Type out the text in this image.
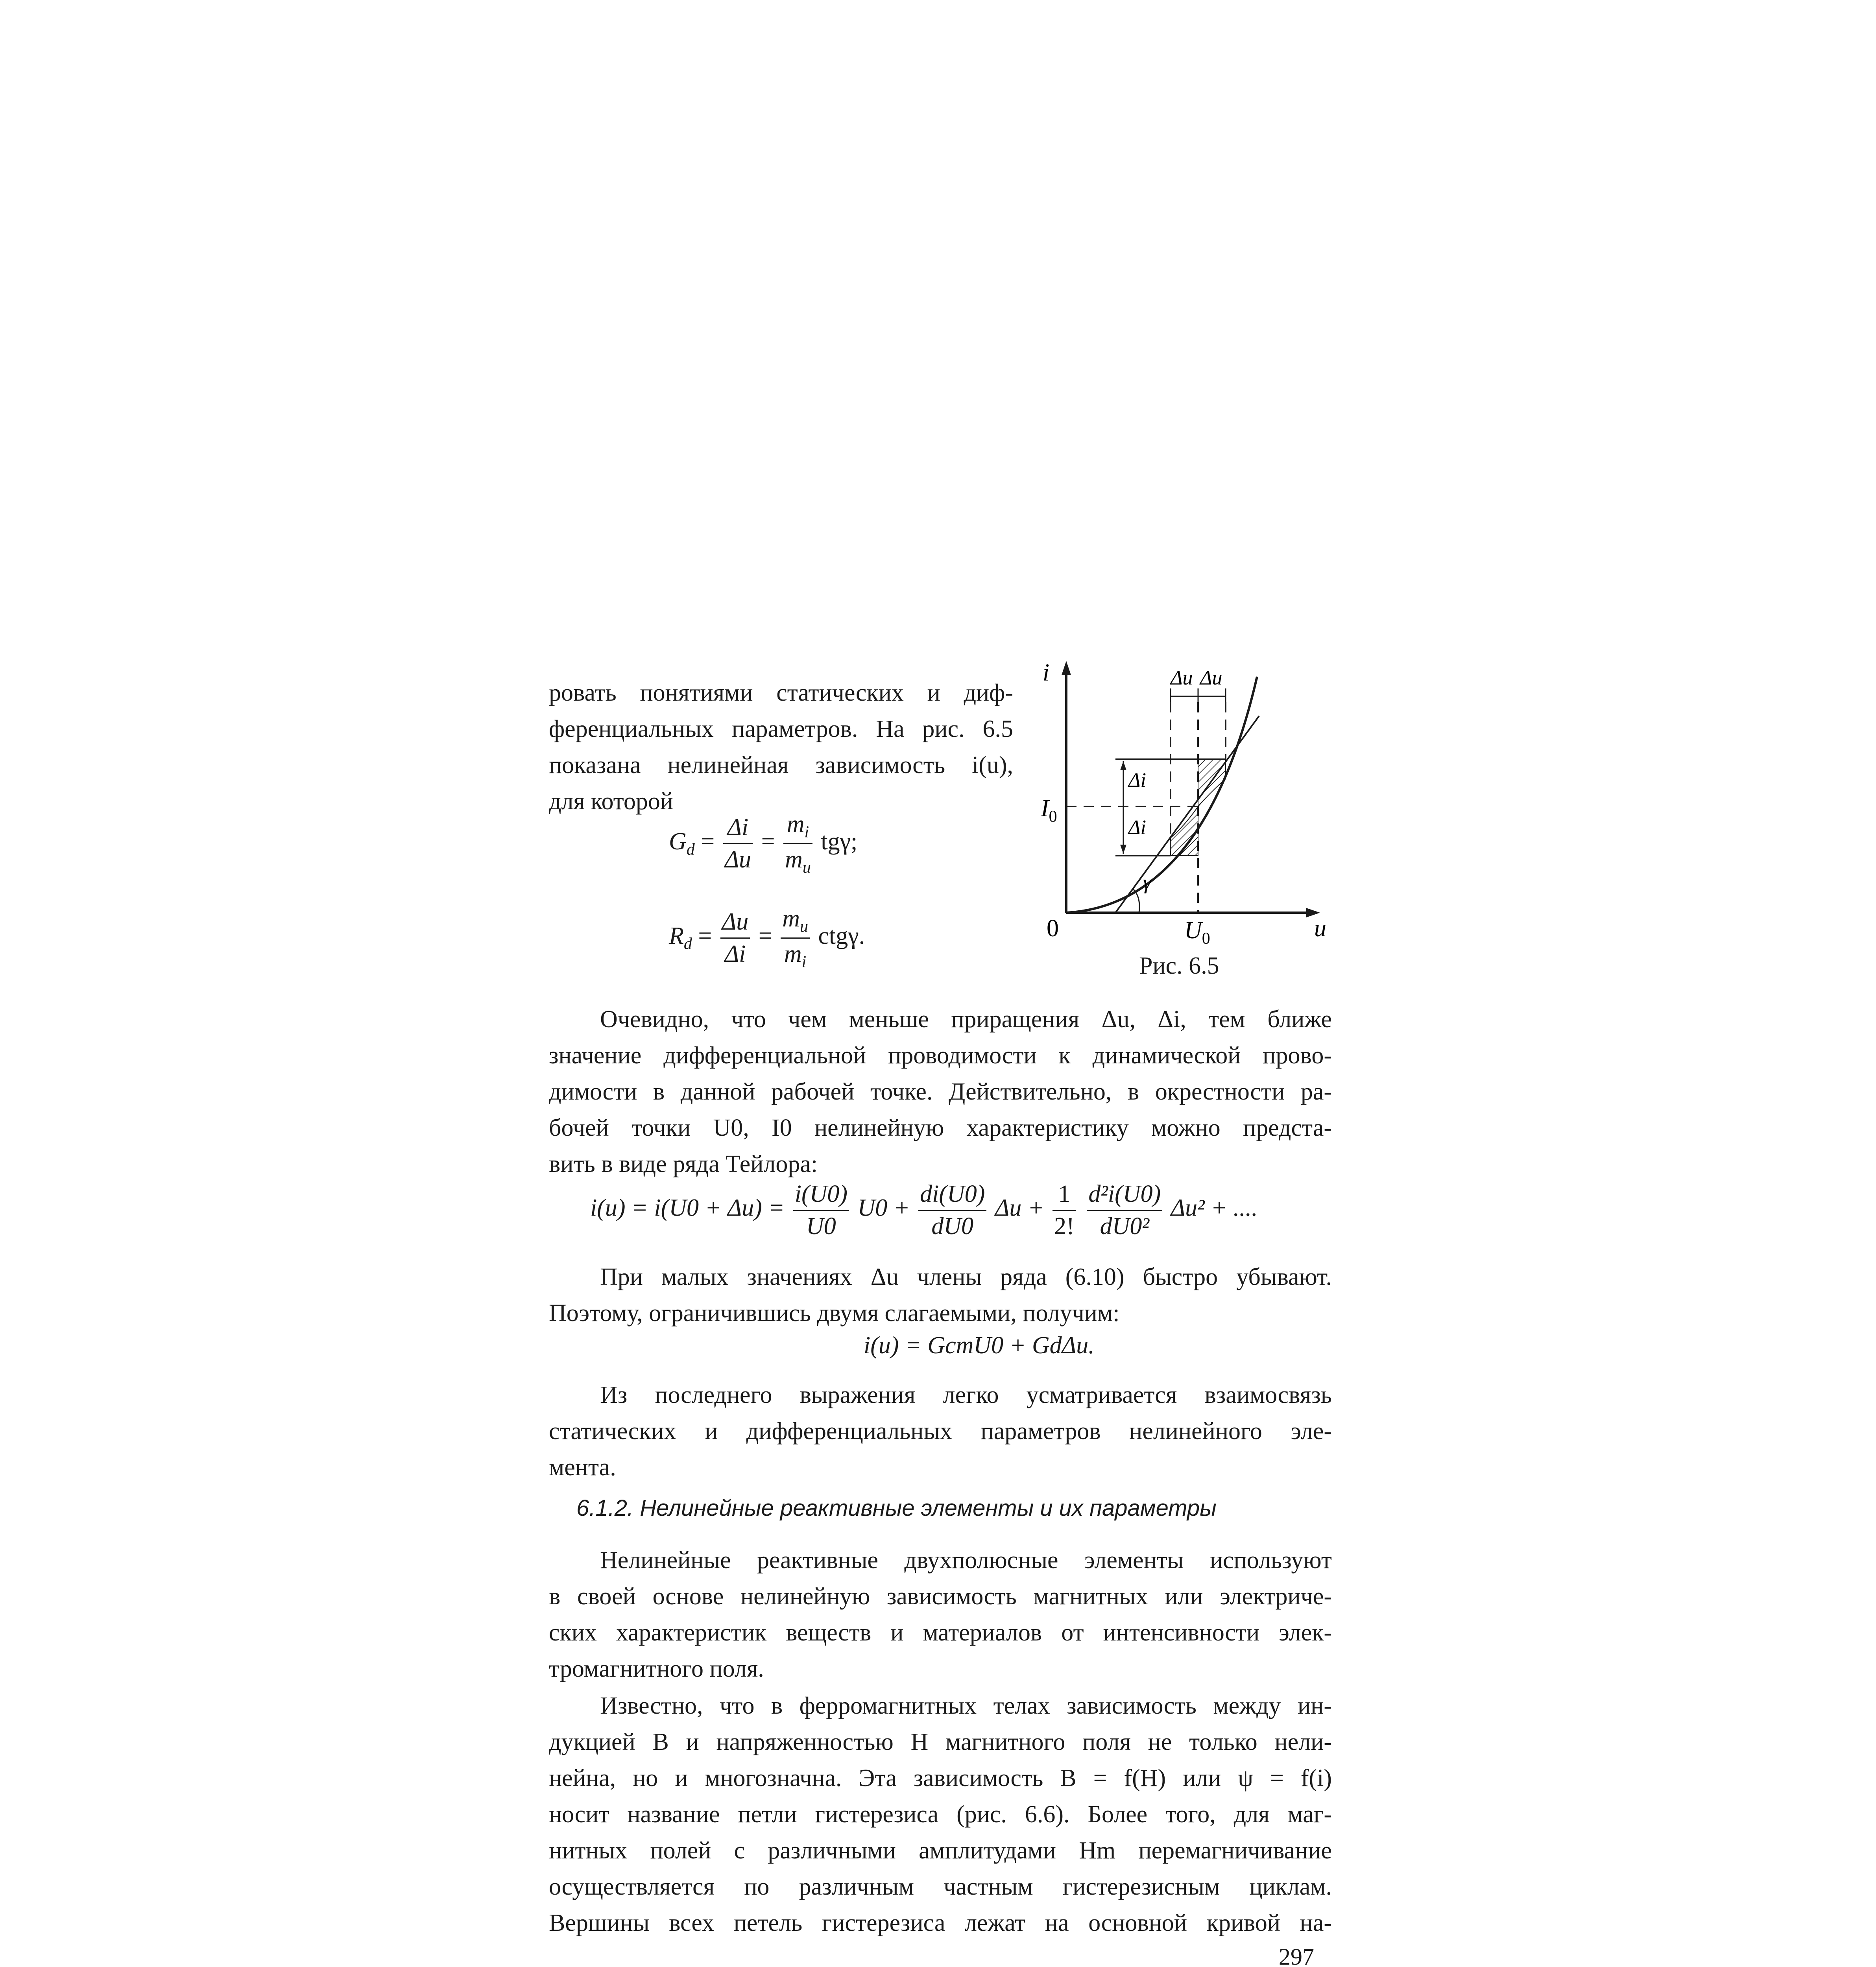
ровать понятиями статических и диф-
ференциальных параметров. На рис. 6.5
показана нелинейная зависимость i(u),
для которой
$G_d = \frac{\Delta i}{\Delta u} = \frac{m_i}{m_u} tg\gamma$;
$R_d = \frac{\Delta u}{\Delta i} = \frac{m_u}{m_i} ctg\gamma$.
i
u
0
$I_0$
$U_0$
Δu Δu
Δi
Δi
γ
Рис. 6.5
Очевидно, что чем меньше приращения Δu, Δi, тем ближе
значение дифференциальной проводимости к динамической прово-
димости в данной рабочей точке. Действительно, в окрестности ра-
бочей точки U0, I0 нелинейную характеристику можно предста-
вить в виде ряда Тейлора:
$i(u) = i(U0 + \Delta u) = \frac{i(U0)}{U0} U0 + \frac{di(U0)}{dU0}$ $\Delta u + \frac{1}{2!}$
$\frac{\text{d²i(U0)}}{\text{dU0²}} \Delta u^2$ + ....
При малых значениях Δu члены ряда (6.10) быстро убывают.
Поэтому, ограничившись двумя слагаемыми, получим:
i(u) = GстU0 + GdΔu.
Из последнего выражения легко усматривается взаимосвязь
статических и дифференциальных параметров нелинейного эле-
мента.
6.1.2. Нелинейные реактивные элементы и их параметры
Нелинейные реактивные двухполюсные элементы используют
в своей основе нелинейную зависимость магнитных или электриче-
ских характеристик веществ и материалов от интенсивности элек-
тромагнитного поля.
Известно, что в ферромагнитных телах зависимость между ин-
дукцией B и напряженностью H магнитного поля не только нели-
нейна, но и многозначна. Эта зависимость B = f(H) или ψ = f(i)
носит название петли гистерезиса (рис. 6.6). Более того, для маг-
нитных полей с различными амплитудами Hm перемагничивание
осуществляется по различным частным гистерезисным циклам.
Вершины всех петель гистерезиса лежат на основной кривой на-
297
